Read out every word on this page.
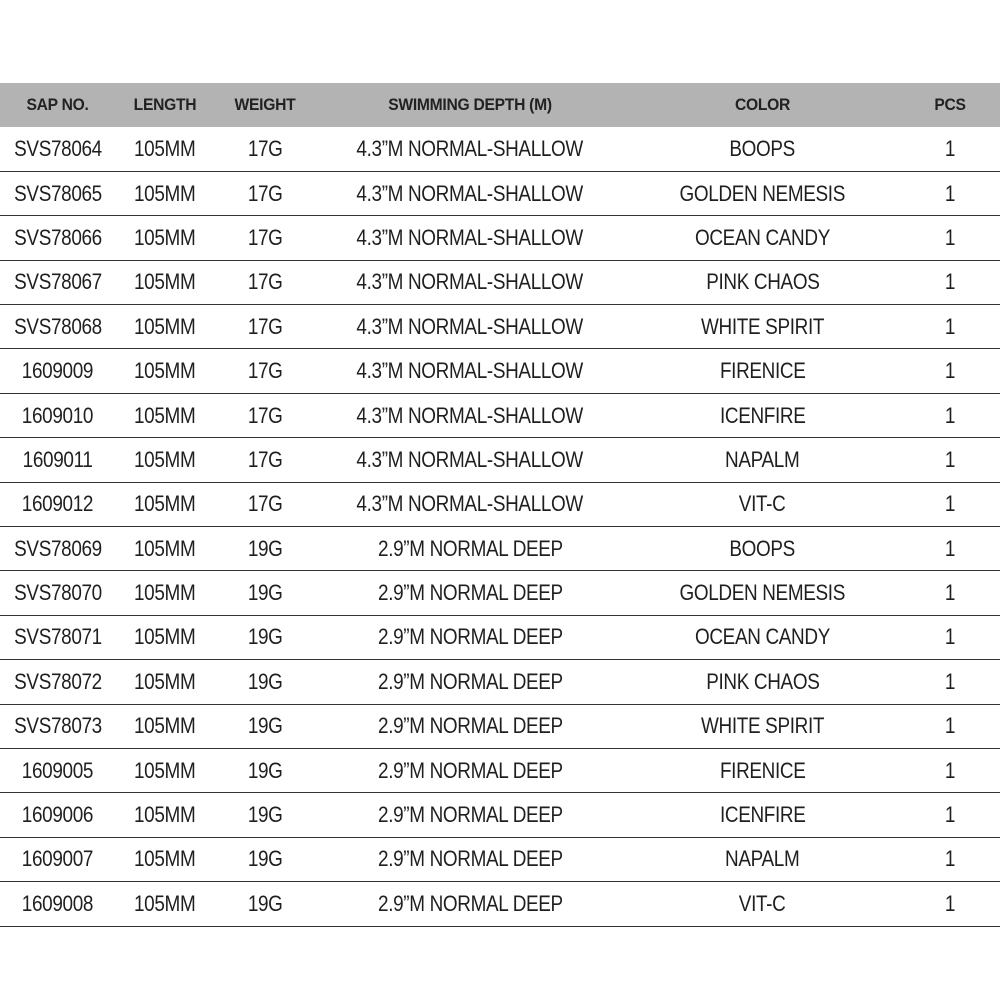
SAP NO.	LENGTH	WEIGHT	SWIMMING DEPTH (M)	COLOR	PCS
SVS78064	105MM	17G	4.3”M NORMAL-SHALLOW	BOOPS	1
SVS78065	105MM	17G	4.3”M NORMAL-SHALLOW	GOLDEN NEMESIS	1
SVS78066	105MM	17G	4.3”M NORMAL-SHALLOW	OCEAN CANDY	1
SVS78067	105MM	17G	4.3”M NORMAL-SHALLOW	PINK CHAOS	1
SVS78068	105MM	17G	4.3”M NORMAL-SHALLOW	WHITE SPIRIT	1
1609009	105MM	17G	4.3”M NORMAL-SHALLOW	FIRENICE	1
1609010	105MM	17G	4.3”M NORMAL-SHALLOW	ICENFIRE	1
1609011	105MM	17G	4.3”M NORMAL-SHALLOW	NAPALM	1
1609012	105MM	17G	4.3”M NORMAL-SHALLOW	VIT-C	1
SVS78069	105MM	19G	2.9”M NORMAL DEEP	BOOPS	1
SVS78070	105MM	19G	2.9”M NORMAL DEEP	GOLDEN NEMESIS	1
SVS78071	105MM	19G	2.9”M NORMAL DEEP	OCEAN CANDY	1
SVS78072	105MM	19G	2.9”M NORMAL DEEP	PINK CHAOS	1
SVS78073	105MM	19G	2.9”M NORMAL DEEP	WHITE SPIRIT	1
1609005	105MM	19G	2.9”M NORMAL DEEP	FIRENICE	1
1609006	105MM	19G	2.9”M NORMAL DEEP	ICENFIRE	1
1609007	105MM	19G	2.9”M NORMAL DEEP	NAPALM	1
1609008	105MM	19G	2.9”M NORMAL DEEP	VIT-C	1
